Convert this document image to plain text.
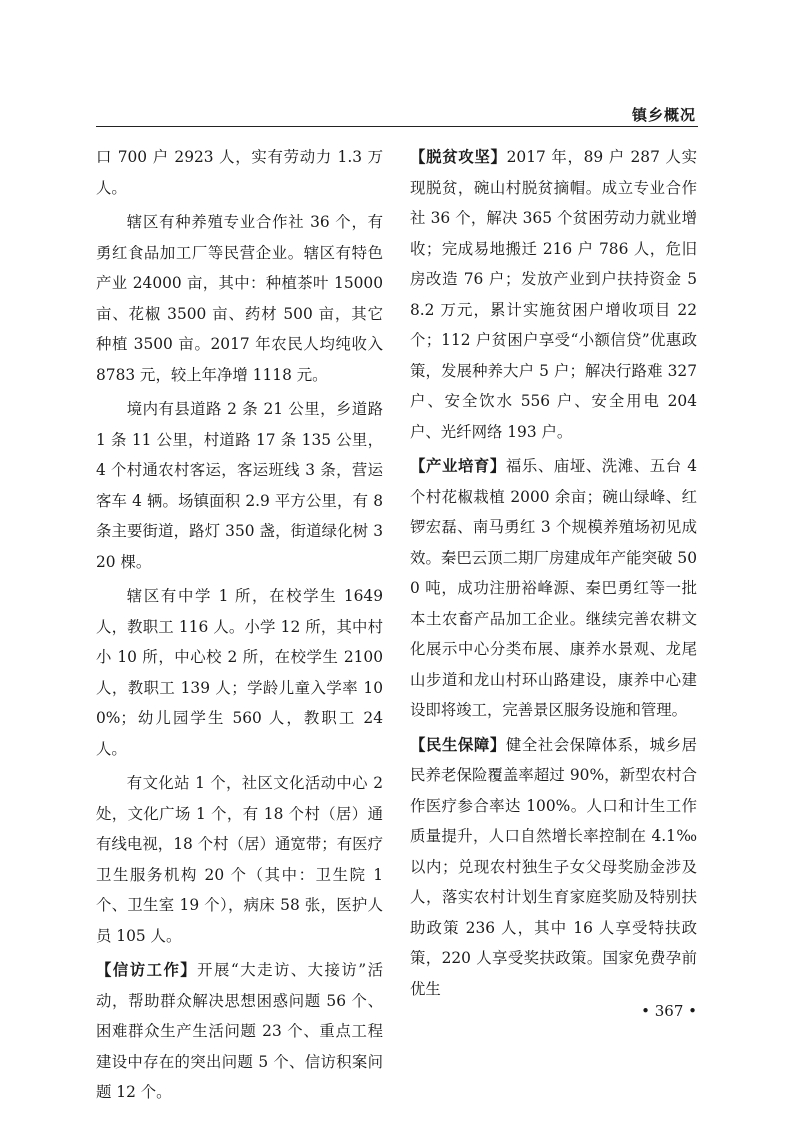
镇乡概况

口 700 户 2923 人，实有劳动力 1.3 万人。

辖区有种养殖专业合作社 36 个，有勇红食品加工厂等民营企业。辖区有特色产业 24000 亩，其中：种植茶叶 15000 亩、花椒 3500 亩、药材 500 亩，其它种植 3500 亩。2017 年农民人均纯收入 8783 元，较上年净增 1118 元。

境内有县道路 2 条 21 公里，乡道路 1 条 11 公里，村道路 17 条 135 公里，4 个村通农村客运，客运班线 3 条，营运客车 4 辆。场镇面积 2.9 平方公里，有 8 条主要街道，路灯 350 盏，街道绿化树 320 棵。

辖区有中学 1 所，在校学生 1649 人，教职工 116 人。小学 12 所，其中村小 10 所，中心校 2 所，在校学生 2100 人，教职工 139 人；学龄儿童入学率 100%；幼儿园学生 560 人，教职工 24 人。

有文化站 1 个，社区文化活动中心 2 处，文化广场 1 个，有 18 个村（居）通有线电视，18 个村（居）通宽带；有医疗卫生服务机构 20 个（其中：卫生院 1 个、卫生室 19 个），病床 58 张，医护人员 105 人。

【信访工作】开展“大走访、大接访”活动，帮助群众解决思想困惑问题 56 个、困难群众生产生活问题 23 个、重点工程建设中存在的突出问题 5 个、信访积案问题 12 个。

【脱贫攻坚】2017 年，89 户 287 人实现脱贫，碗山村脱贫摘帽。成立专业合作社 36 个，解决 365 个贫困劳动力就业增收；完成易地搬迁 216 户 786 人，危旧房改造 76 户；发放产业到户扶持资金 58.2 万元，累计实施贫困户增收项目 22 个；112 户贫困户享受“小额信贷”优惠政策，发展种养大户 5 户；解决行路难 327 户、安全饮水 556 户、安全用电 204 户、光纤网络 193 户。

【产业培育】福乐、庙垭、洗滩、五台 4 个村花椒栽植 2000 余亩；碗山绿峰、红锣宏磊、南马勇红 3 个规模养殖场初见成效。秦巴云顶二期厂房建成年产能突破 500 吨，成功注册裕峰源、秦巴勇红等一批本土农畜产品加工企业。继续完善农耕文化展示中心分类布展、康养水景观、龙尾山步道和龙山村环山路建设，康养中心建设即将竣工，完善景区服务设施和管理。

【民生保障】健全社会保障体系，城乡居民养老保险覆盖率超过 90%，新型农村合作医疗参合率达 100%。人口和计生工作质量提升，人口自然增长率控制在 4.1‰以内；兑现农村独生子女父母奖励金涉及人，落实农村计划生育家庭奖励及特别扶助政策 236 人，其中 16 人享受特扶政策，220 人享受奖扶政策。国家免费孕前优生

• 367 •
